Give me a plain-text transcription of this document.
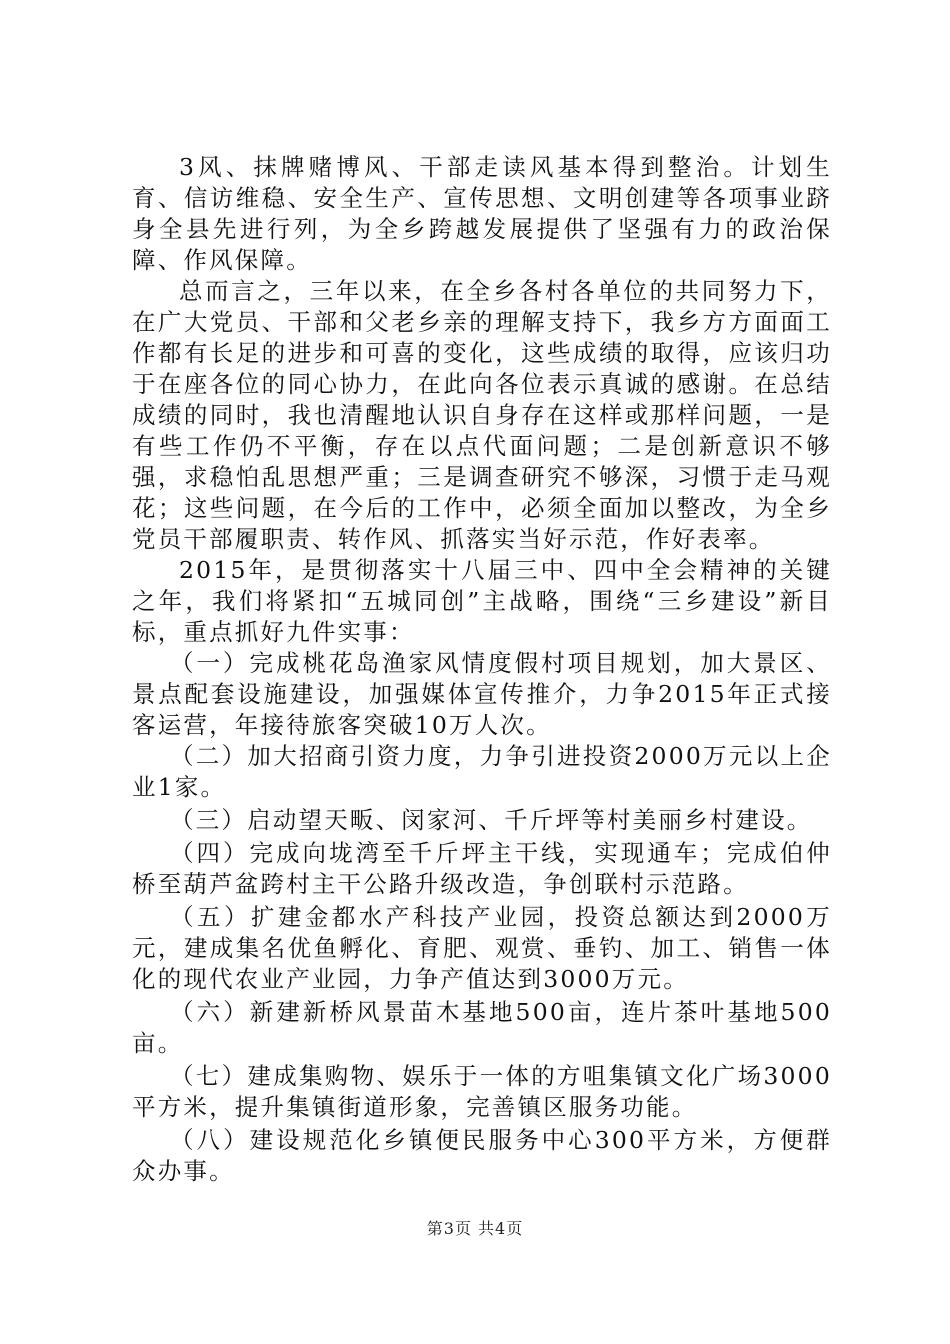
3风、抹牌赌博风、干部走读风基本得到整治。计划生育、信访维稳、安全生产、宣传思想、文明创建等各项事业跻身全县先进行列，为全乡跨越发展提供了坚强有力的政治保障、作风保障。

总而言之，三年以来，在全乡各村各单位的共同努力下，在广大党员、干部和父老乡亲的理解支持下，我乡方方面面工作都有长足的进步和可喜的变化，这些成绩的取得，应该归功于在座各位的同心协力，在此向各位表示真诚的感谢。在总结成绩的同时，我也清醒地认识自身存在这样或那样问题，一是有些工作仍不平衡，存在以点代面问题；二是创新意识不够强，求稳怕乱思想严重；三是调查研究不够深，习惯于走马观花；这些问题，在今后的工作中，必须全面加以整改，为全乡党员干部履职责、转作风、抓落实当好示范，作好表率。

2015年，是贯彻落实十八届三中、四中全会精神的关键之年，我们将紧扣“五城同创”主战略，围绕“三乡建设”新目标，重点抓好九件实事：

（一）完成桃花岛渔家风情度假村项目规划，加大景区、景点配套设施建设，加强媒体宣传推介，力争2015年正式接客运营，年接待旅客突破10万人次。

（二）加大招商引资力度，力争引进投资2000万元以上企业1家。

（三）启动望天畈、闵家河、千斤坪等村美丽乡村建设。

（四）完成向垅湾至千斤坪主干线，实现通车；完成伯仲桥至葫芦盆跨村主干公路升级改造，争创联村示范路。

（五）扩建金都水产科技产业园，投资总额达到2000万元，建成集名优鱼孵化、育肥、观赏、垂钓、加工、销售一体化的现代农业产业园，力争产值达到3000万元。

（六）新建新桥风景苗木基地500亩，连片茶叶基地500亩。

（七）建成集购物、娱乐于一体的方咀集镇文化广场3000平方米，提升集镇街道形象，完善镇区服务功能。

（八）建设规范化乡镇便民服务中心300平方米，方便群众办事。

第3页 共4页
